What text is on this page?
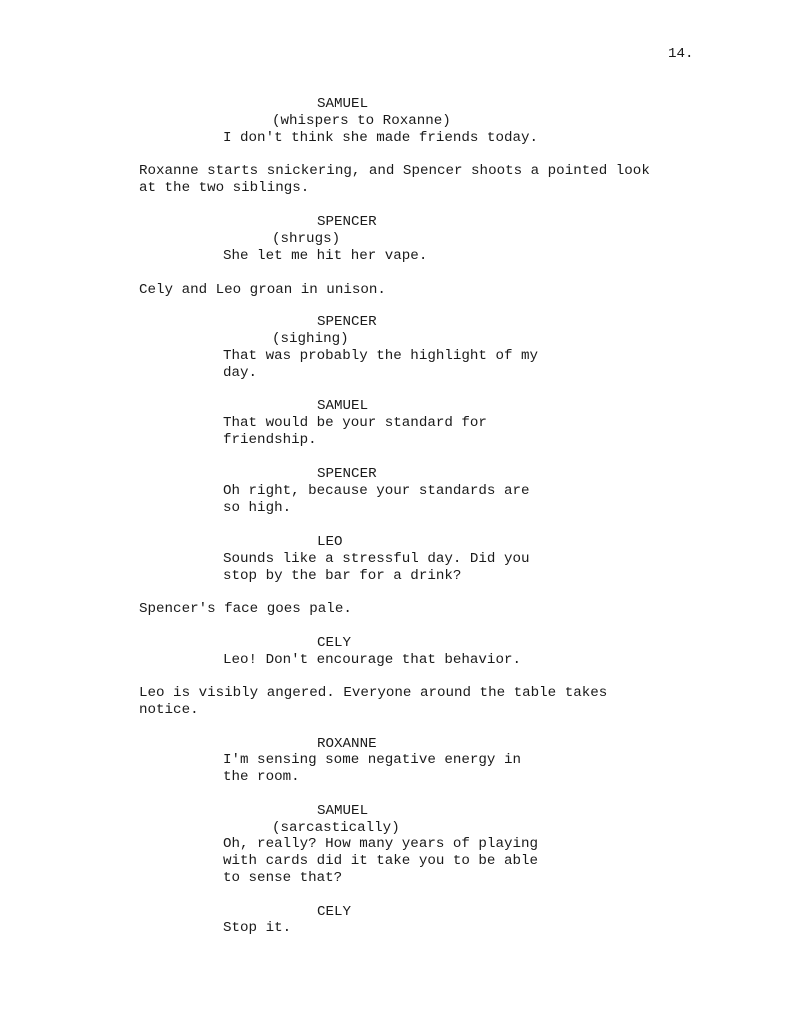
14.
SAMUEL
(whispers to Roxanne)
I don't think she made friends today.
Roxanne starts snickering, and Spencer shoots a pointed look
at the two siblings.
SPENCER
(shrugs)
She let me hit her vape.
Cely and Leo groan in unison.
SPENCER
(sighing)
That was probably the highlight of my
day.
SAMUEL
That would be your standard for
friendship.
SPENCER
Oh right, because your standards are
so high.
LEO
Sounds like a stressful day. Did you
stop by the bar for a drink?
Spencer's face goes pale.
CELY
Leo! Don't encourage that behavior.
Leo is visibly angered. Everyone around the table takes
notice.
ROXANNE
I'm sensing some negative energy in
the room.
SAMUEL
(sarcastically)
Oh, really? How many years of playing
with cards did it take you to be able
to sense that?
CELY
Stop it.
